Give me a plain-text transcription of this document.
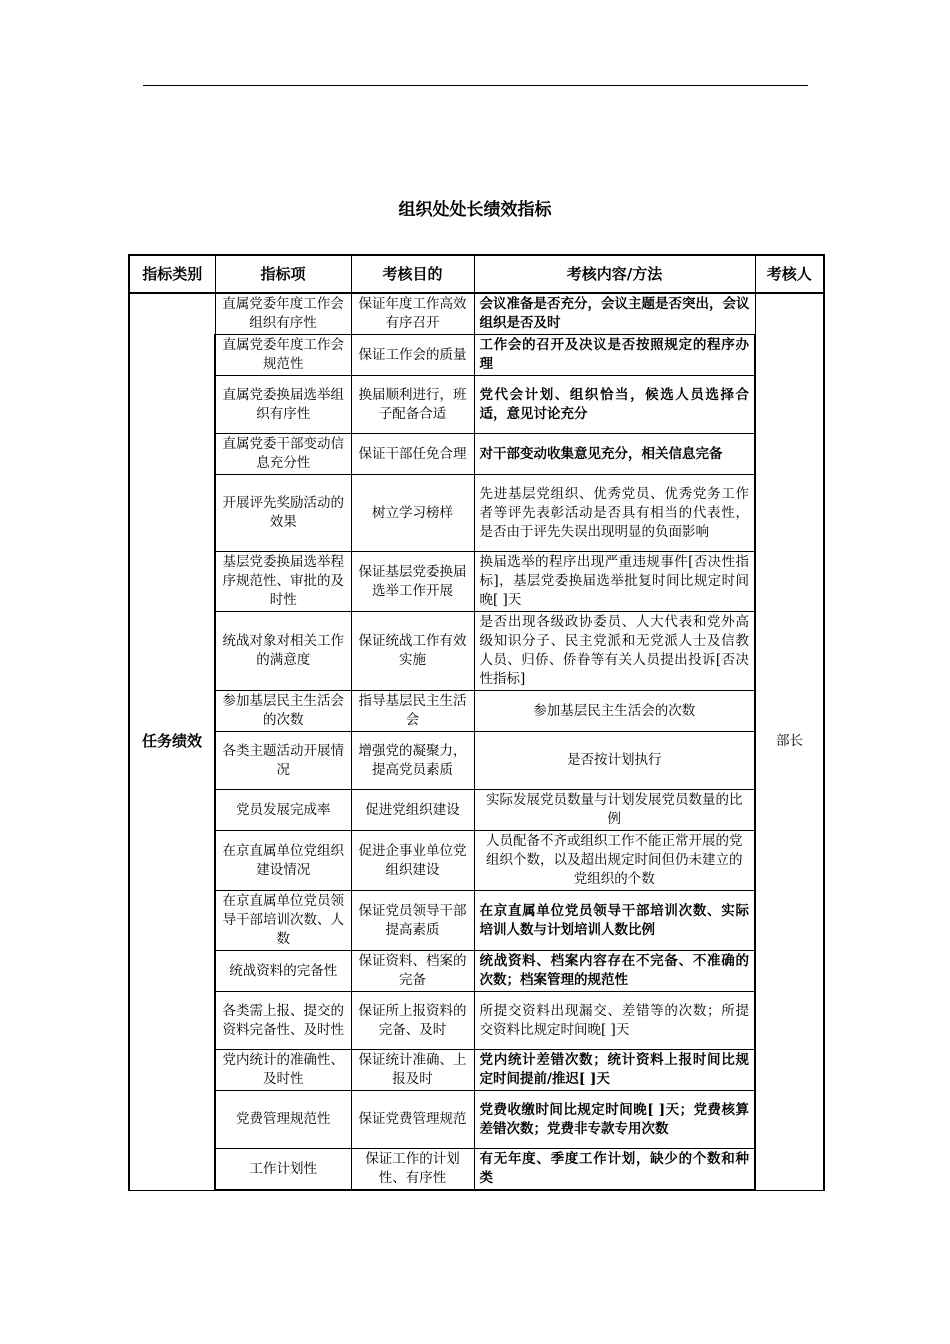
组织处处长绩效指标
指标类别	指标项	考核目的	考核内容/方法	考核人
任务绩效	直属党委年度工作会组织有序性	保证年度工作高效有序召开	会议准备是否充分，会议主题是否突出，会议组织是否及时	部长
	直属党委年度工作会规范性	保证工作会的质量	工作会的召开及决议是否按照规定的程序办理	
	直属党委换届选举组织有序性	换届顺利进行，班子配备合适	党代会计划、组织恰当，候选人员选择合适，意见讨论充分	
	直属党委干部变动信息充分性	保证干部任免合理	对干部变动收集意见充分，相关信息完备	
	开展评先奖励活动的效果	树立学习榜样	先进基层党组织、优秀党员、优秀党务工作者等评先表彰活动是否具有相当的代表性，是否由于评先失误出现明显的负面影响	
	基层党委换届选举程序规范性、审批的及时性	保证基层党委换届选举工作开展	换届选举的程序出现严重违规事件[否决性指标]，基层党委换届选举批复时间比规定时间晚[ ]天	
	统战对象对相关工作的满意度	保证统战工作有效实施	是否出现各级政协委员、人大代表和党外高级知识分子、民主党派和无党派人士及信教人员、归侨、侨眷等有关人员提出投诉[否决性指标]	
	参加基层民主生活会的次数	指导基层民主生活会	参加基层民主生活会的次数	
	各类主题活动开展情况	增强党的凝聚力，提高党员素质	是否按计划执行	
	党员发展完成率	促进党组织建设	实际发展党员数量与计划发展党员数量的比例	
	在京直属单位党组织建设情况	促进企事业单位党组织建设	人员配备不齐或组织工作不能正常开展的党组织个数，以及超出规定时间但仍未建立的党组织的个数	
	在京直属单位党员领导干部培训次数、人数	保证党员领导干部提高素质	在京直属单位党员领导干部培训次数、实际培训人数与计划培训人数比例	
	统战资料的完备性	保证资料、档案的完备	统战资料、档案内容存在不完备、不准确的次数；档案管理的规范性	
	各类需上报、提交的资料完备性、及时性	保证所上报资料的完备、及时	所提交资料出现漏交、差错等的次数；所提交资料比规定时间晚[ ]天	
	党内统计的准确性、及时性	保证统计准确、上报及时	党内统计差错次数；统计资料上报时间比规定时间提前/推迟[ ]天	
	党费管理规范性	保证党费管理规范	党费收缴时间比规定时间晚[ ]天；党费核算差错次数；党费非专款专用次数	
	工作计划性	保证工作的计划性、有序性	有无年度、季度工作计划，缺少的个数和种类	
